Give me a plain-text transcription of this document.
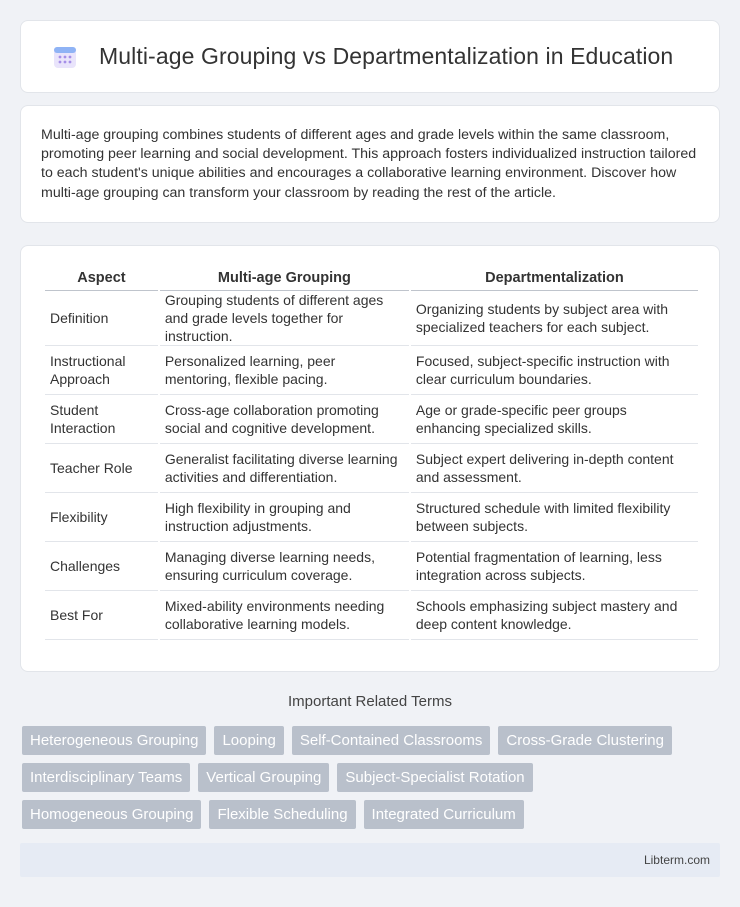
Multi-age Grouping vs Departmentalization in Education

Multi-age grouping combines students of different ages and grade levels within the same classroom, promoting peer learning and social development. This approach fosters individualized instruction tailored to each student's unique abilities and encourages a collaborative learning environment. Discover how multi-age grouping can transform your classroom by reading the rest of the article.

Aspect	Multi-age Grouping	Departmentalization
Definition	Grouping students of different ages and grade levels together for instruction.	Organizing students by subject area with specialized teachers for each subject.
Instructional Approach	Personalized learning, peer mentoring, flexible pacing.	Focused, subject-specific instruction with clear curriculum boundaries.
Student Interaction	Cross-age collaboration promoting social and cognitive development.	Age or grade-specific peer groups enhancing specialized skills.
Teacher Role	Generalist facilitating diverse learning activities and differentiation.	Subject expert delivering in-depth content and assessment.
Flexibility	High flexibility in grouping and instruction adjustments.	Structured schedule with limited flexibility between subjects.
Challenges	Managing diverse learning needs, ensuring curriculum coverage.	Potential fragmentation of learning, less integration across subjects.
Best For	Mixed-ability environments needing collaborative learning models.	Schools emphasizing subject mastery and deep content knowledge.
Important Related Terms
Heterogeneous Grouping	Looping	Self-Contained Classrooms	Cross-Grade Clustering
Interdisciplinary Teams	Vertical Grouping	Subject-Specialist Rotation
Homogeneous Grouping	Flexible Scheduling	Integrated Curriculum
Libterm.com
